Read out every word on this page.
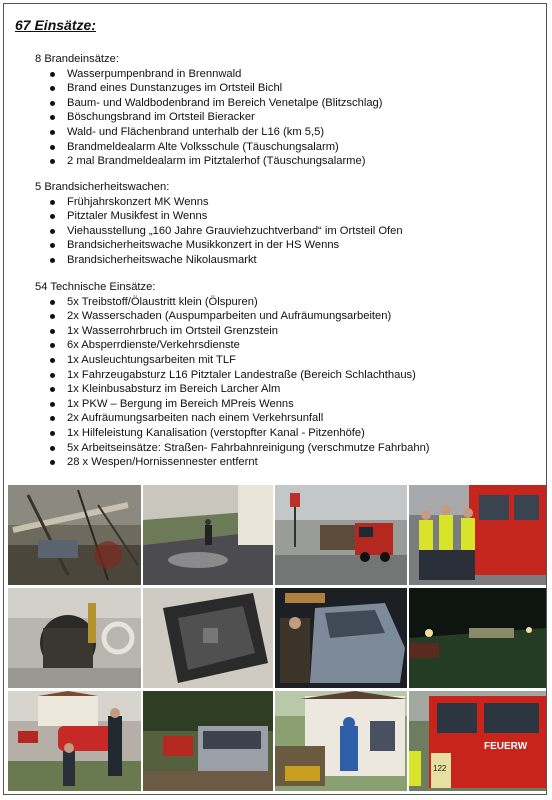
67 Einsätze:

8 Brandeinsätze:

Wasserpumpenbrand in Brennwald
Brand eines Dunstanzuges im Ortsteil Bichl
Baum- und Waldbodenbrand im Bereich Venetalpe (Blitzschlag)
Böschungsbrand im Ortsteil Bieracker
Wald- und Flächenbrand unterhalb der L16 (km 5,5)
Brandmeldealarm Alte Volksschule (Täuschungsalarm)
2 mal Brandmeldealarm im Pitztalerhof (Täuschungsalarme)

5 Brandsicherheitswachen:

Frühjahrskonzert MK Wenns
Pitztaler Musikfest in Wenns
Viehausstellung „160 Jahre Grauviehzuchtverband“ im Ortsteil Ofen
Brandsicherheitswache Musikkonzert in der HS Wenns
Brandsicherheitswache Nikolausmarkt

54 Technische Einsätze:

5x Treibstoff/Ölaustritt klein (Ölspuren)
2x Wasserschaden (Auspumparbeiten und Aufräumungsarbeiten)
1x Wasserrohrbruch im Ortsteil Grenzstein
6x Absperrdienste/Verkehrsdienste
1x Ausleuchtungsarbeiten mit TLF
1x Fahrzeugabsturz L16 Pitztaler Landestraße (Bereich Schlachthaus)
1x Kleinbusabsturz im Bereich Larcher Alm
1x PKW – Bergung im Bereich MPreis Wenns
2x Aufräumungsarbeiten nach einem Verkehrsunfall
1x Hilfeleistung Kanalisation (verstopfter Kanal - Pitzenhöfe)
5x Arbeitseinsätze: Straßen- Fahrbahnreinigung (verschmutze Fahrbahn)
28 x Wespen/Hornissennester entfernt
FEUERW
122
